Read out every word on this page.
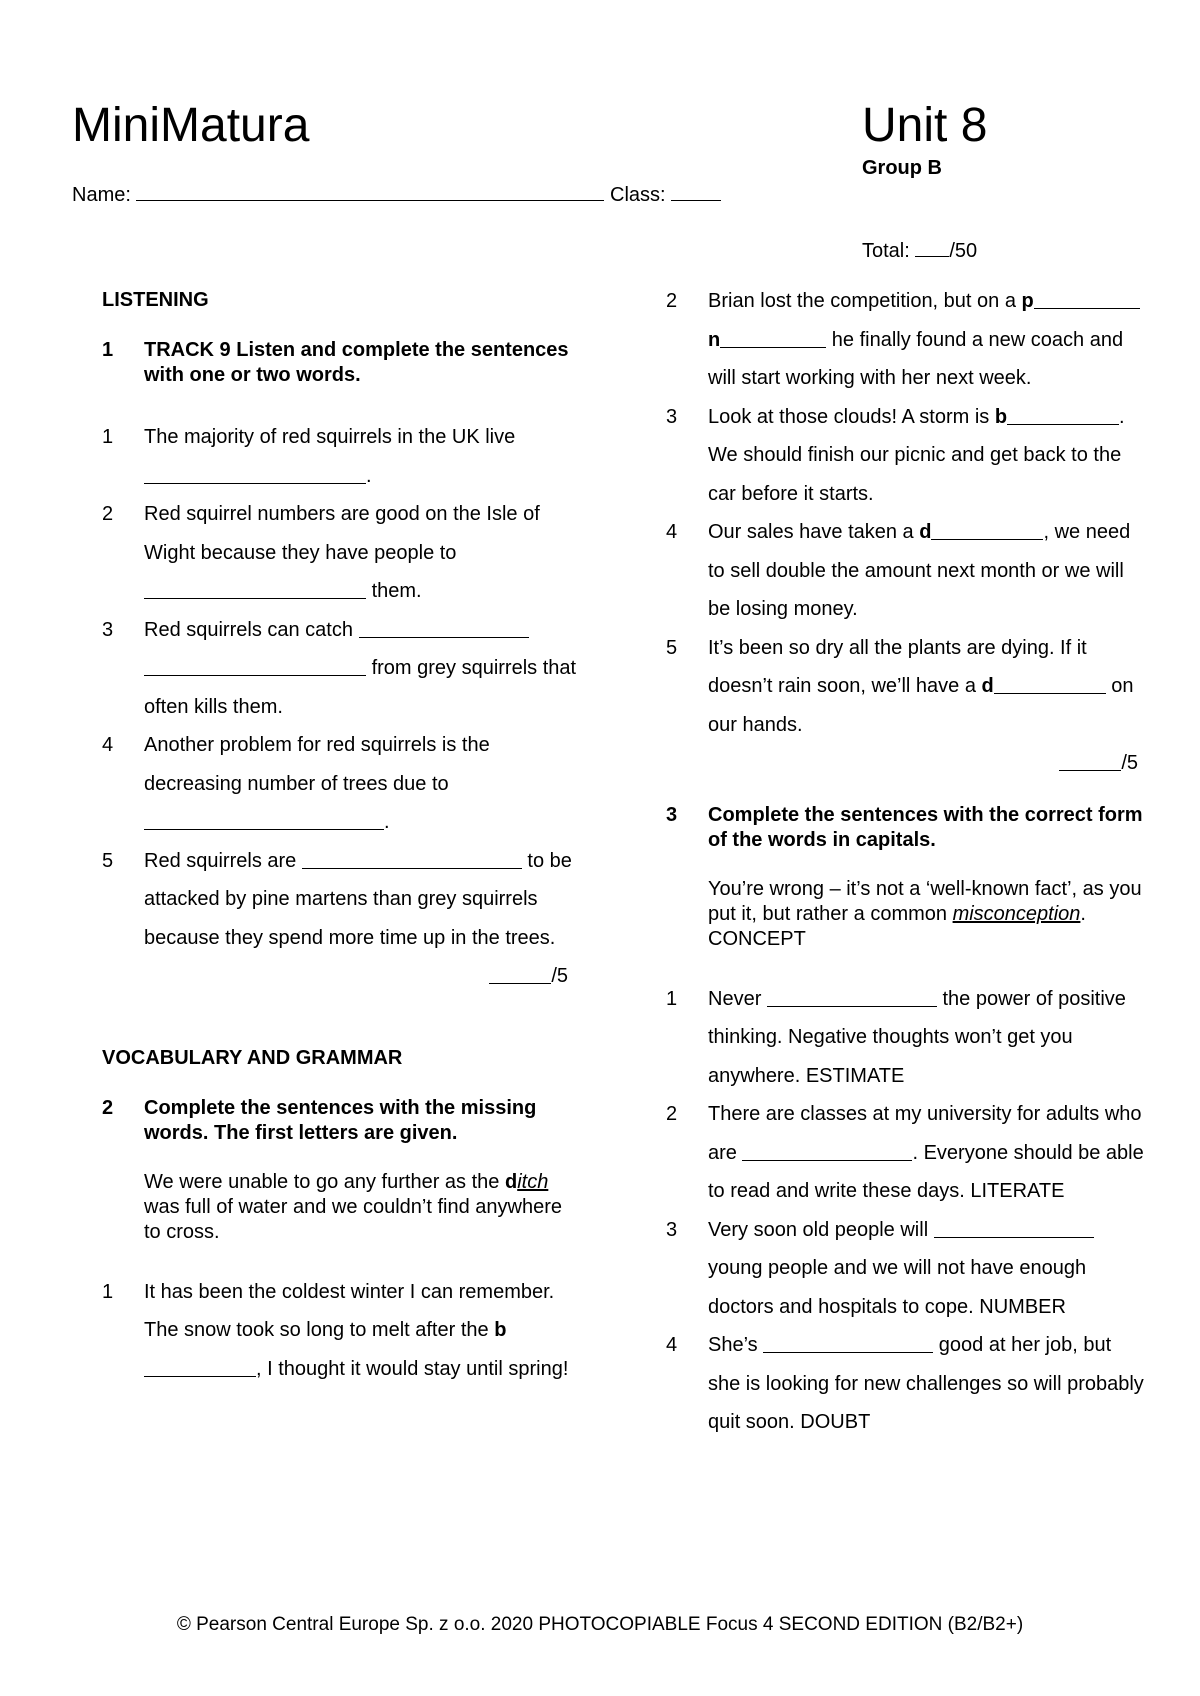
MiniMatura	Unit 8
Group B
Name:	Class:
Total: /50
LISTENING
1	TRACK 9 Listen and complete the sentences with one or two words.
1	The majority of red squirrels in the UK live
.
2	Red squirrel numbers are good on the Isle of Wight because they have people to  them.
3	Red squirrels can catch
from grey squirrels that often kills them.
4	Another problem for red squirrels is the decreasing number of trees due to
.
5	Red squirrels are	to be attacked by pine martens than grey squirrels because they spend more time up in the trees.
/5
VOCABULARY AND GRAMMAR
2	Complete the sentences with the missing words. The first letters are given.
We were unable to go any further as the ditch was full of water and we couldn’t find anywhere to cross.
1	It has been the coldest winter I can remember. The snow took so long to melt after the b, I thought it would stay until spring!
2	Brian lost the competition, but on a p n	he finally found a new coach and will start working with her next week.
3	Look at those clouds! A storm is b	. We should finish our picnic and get back to the car before it starts.
4	Our sales have taken a d	, we need to sell double the amount next month or we will be losing money.
5	It’s been so dry all the plants are dying. If it doesn’t rain soon, we’ll have a d	on our hands.
/5
3	Complete the sentences with the correct form of the words in capitals.
You’re wrong – it’s not a ‘well-known fact’, as you put it, but rather a common misconception. CONCEPT
1	Never	the power of positive thinking. Negative thoughts won’t get you anywhere. ESTIMATE
2	There are classes at my university for adults who are	. Everyone should be able to read and write these days. LITERATE
3	Very soon old people will  young people and we will not have enough doctors and hospitals to cope. NUMBER
4	She’s	good at her job, but she is looking for new challenges so will probably quit soon. DOUBT
© Pearson Central Europe Sp. z o.o. 2020 PHOTOCOPIABLE Focus 4 SECOND EDITION (B2/B2+)
